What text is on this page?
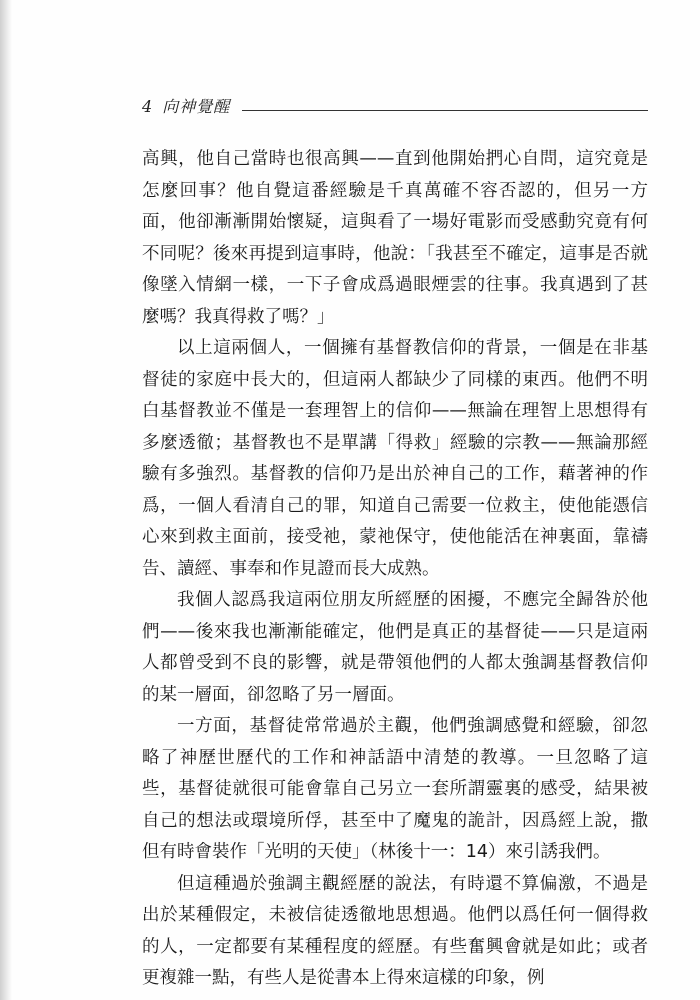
4 向神覺醒

高興，他自己當時也很高興——直到他開始捫心自問，這究竟是怎麼回事？他自覺這番經驗是千真萬確不容否認的，但另一方面，他卻漸漸開始懷疑，這與看了一場好電影而受感動究竟有何不同呢？後來再提到這事時，他說：「我甚至不確定，這事是否就像墜入情網一樣，一下子會成爲過眼煙雲的往事。我真遇到了甚麼嗎？我真得救了嗎？」

以上這兩個人，一個擁有基督教信仰的背景，一個是在非基督徒的家庭中長大的，但這兩人都缺少了同樣的東西。他們不明白基督教並不僅是一套理智上的信仰——無論在理智上思想得有多麼透徹；基督教也不是單講「得救」經驗的宗教——無論那經驗有多強烈。基督教的信仰乃是出於神自己的工作，藉著神的作爲，一個人看清自己的罪，知道自己需要一位救主，使他能憑信心來到救主面前，接受祂，蒙祂保守，使他能活在神裏面，靠禱告、讀經、事奉和作見證而長大成熟。

我個人認爲我這兩位朋友所經歷的困擾，不應完全歸咎於他們——後來我也漸漸能確定，他們是真正的基督徒——只是這兩人都曾受到不良的影響，就是帶領他們的人都太強調基督教信仰的某一層面，卻忽略了另一層面。

一方面，基督徒常常過於主觀，他們強調感覺和經驗，卻忽略了神歷世歷代的工作和神話語中清楚的教導。一旦忽略了這些，基督徒就很可能會靠自己另立一套所謂靈裏的感受，結果被自己的想法或環境所俘，甚至中了魔鬼的詭計，因爲經上說，撒但有時會裝作「光明的天使」（林後十一：14）來引誘我們。

但這種過於強調主觀經歷的說法，有時還不算偏激，不過是出於某種假定，未被信徒透徹地思想過。他們以爲任何一個得救的人，一定都要有某種程度的經歷。有些奮興會就是如此；或者更複雜一點，有些人是從書本上得來這樣的印象，例
